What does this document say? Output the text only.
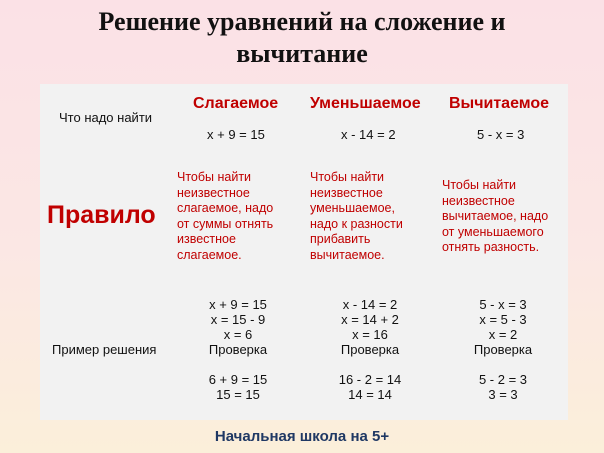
Решение уравнений на сложение и
вычитание
Что надо найти
Правило
Пример решения
Слагаемое Уменьшаемое Вычитаемое
x + 9 = 15	x - 14 = 2	5 - x = 3
Чтобы найти
неизвестное
слагаемое, надо
от суммы отнять
известное
слагаемое.
Чтобы найти
неизвестное
уменьшаемое,
надо к разности
прибавить
вычитаемое.
Чтобы найти
неизвестное
вычитаемое, надо
от уменьшаемого
отнять разность.
x + 9 = 15
x = 15 - 9
x = 6
Проверка
6 + 9 = 15
15 = 15
x - 14 = 2
x = 14 + 2
x = 16
Проверка
16 - 2 = 14
14 = 14
5 - x = 3
x = 5 - 3
x = 2
Проверка
5 - 2 = 3
3 = 3
Начальная школа на 5+
